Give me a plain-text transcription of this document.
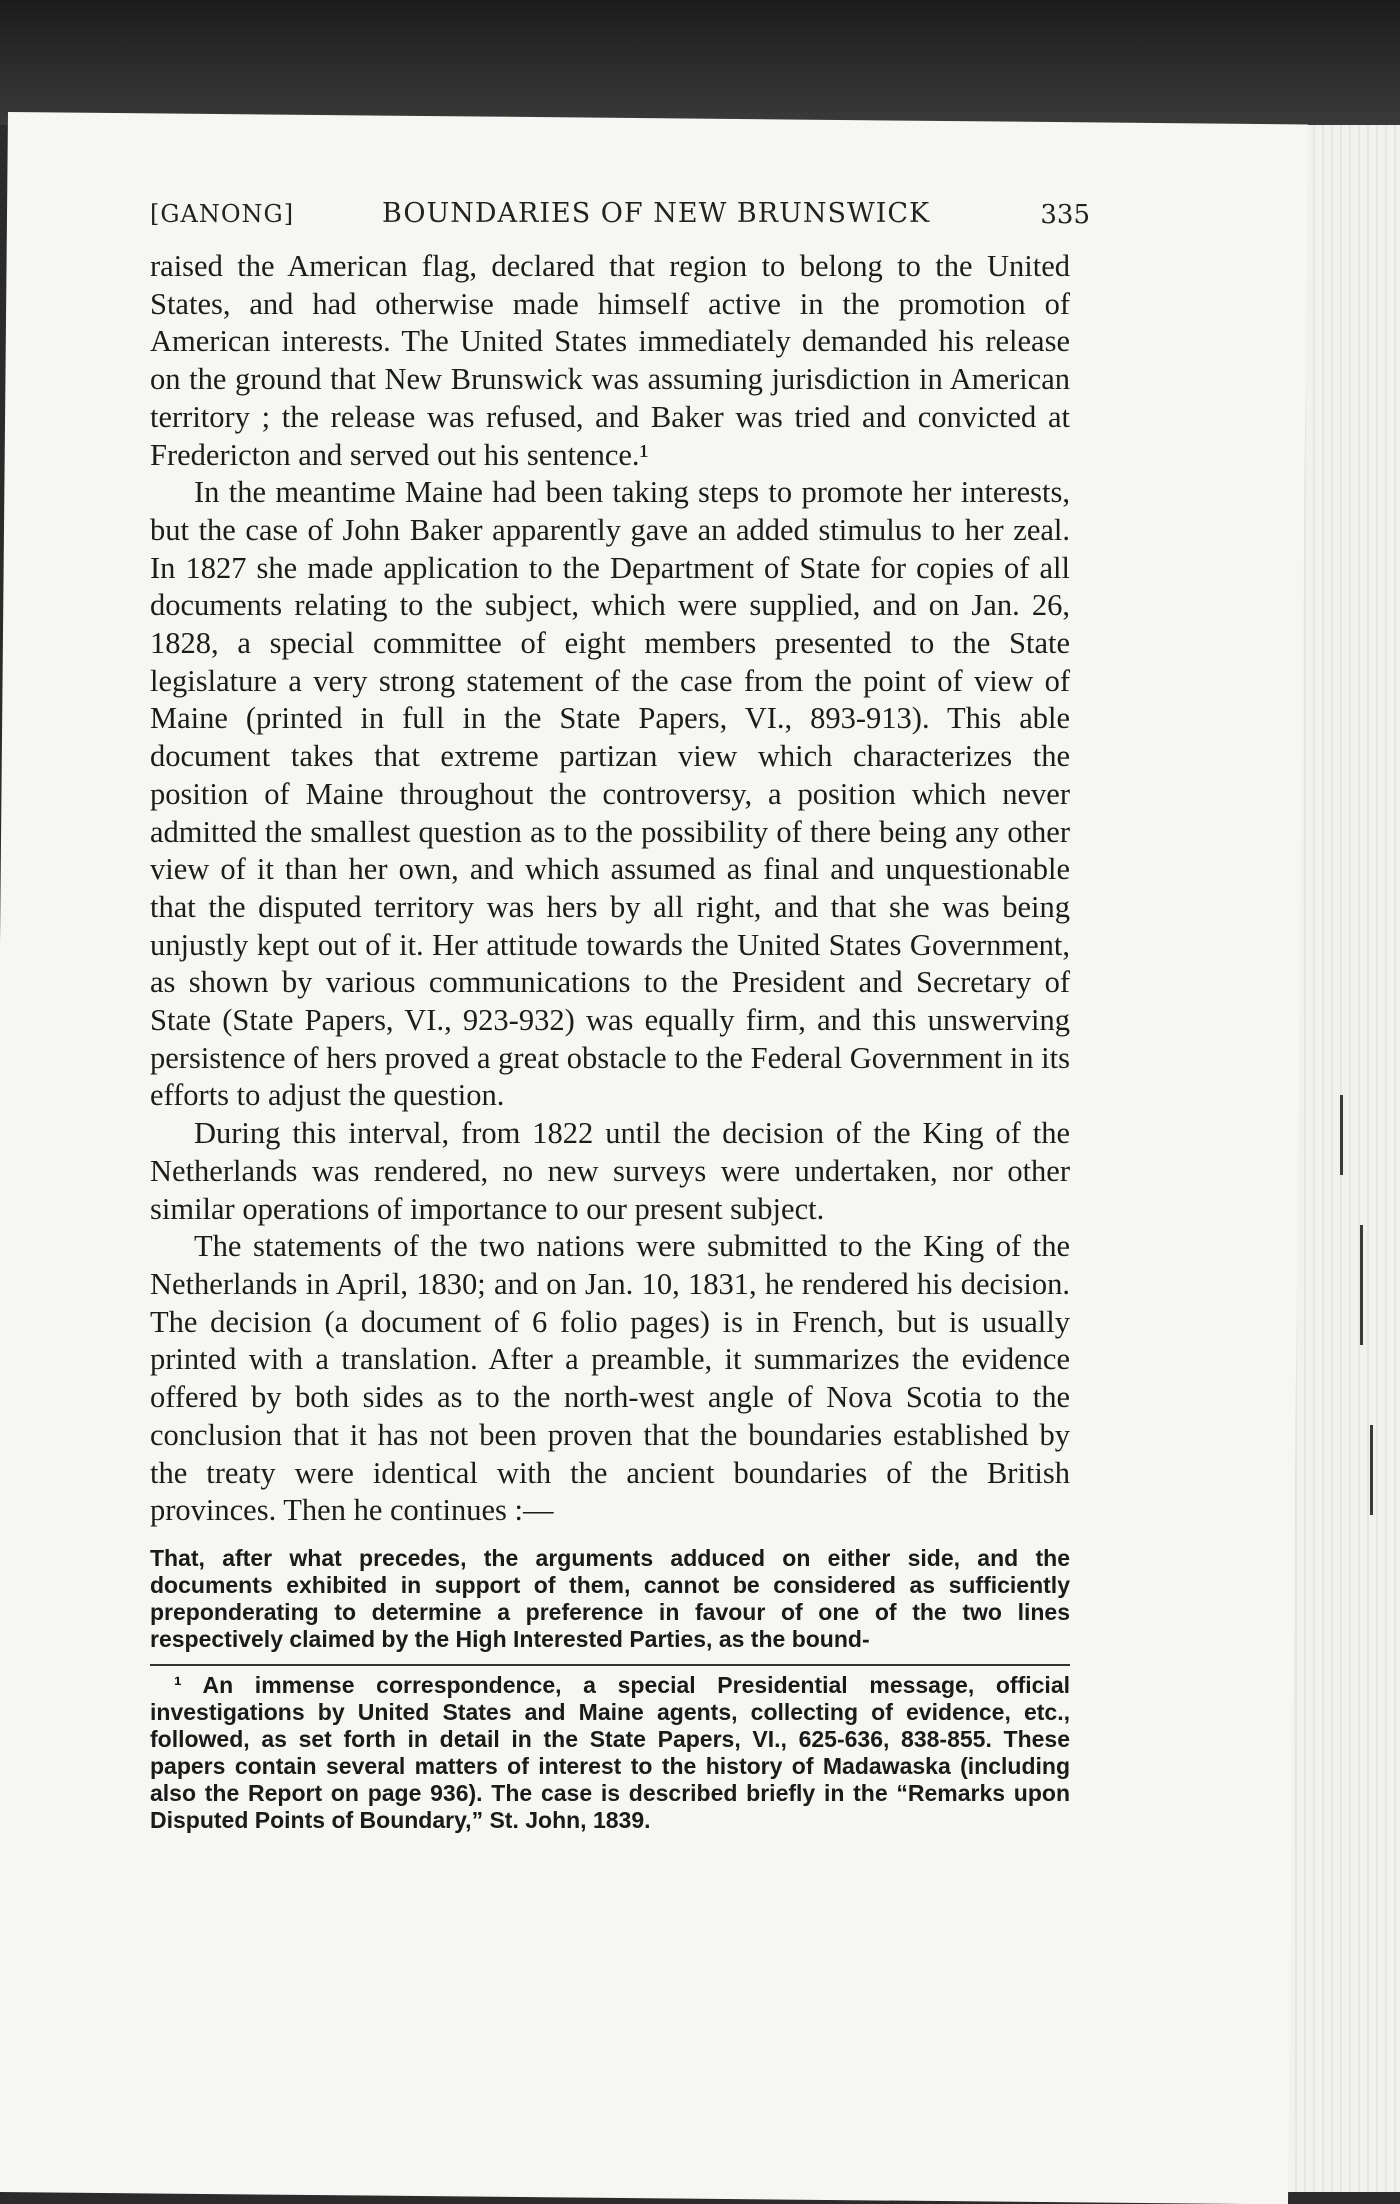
[GANONG]	BOUNDARIES OF NEW BRUNSWICK	335

raised the American flag, declared that region to belong to the United States, and had otherwise made himself active in the promotion of American interests. The United States immediately demanded his release on the ground that New Brunswick was assuming jurisdiction in American territory ; the release was refused, and Baker was tried and convicted at Fredericton and served out his sentence.¹

In the meantime Maine had been taking steps to promote her interests, but the case of John Baker apparently gave an added stimulus to her zeal. In 1827 she made application to the Department of State for copies of all documents relating to the subject, which were supplied, and on Jan. 26, 1828, a special committee of eight members presented to the State legislature a very strong statement of the case from the point of view of Maine (printed in full in the State Papers, VI., 893-913). This able document takes that extreme partizan view which characterizes the position of Maine throughout the controversy, a position which never admitted the smallest question as to the possibility of there being any other view of it than her own, and which assumed as final and unquestionable that the disputed territory was hers by all right, and that she was being unjustly kept out of it. Her attitude towards the United States Government, as shown by various communications to the President and Secretary of State (State Papers, VI., 923-932) was equally firm, and this unswerving persistence of hers proved a great obstacle to the Federal Government in its efforts to adjust the question.

During this interval, from 1822 until the decision of the King of the Netherlands was rendered, no new surveys were undertaken, nor other similar operations of importance to our present subject.

The statements of the two nations were submitted to the King of the Netherlands in April, 1830; and on Jan. 10, 1831, he rendered his decision. The decision (a document of 6 folio pages) is in French, but is usually printed with a translation. After a preamble, it summarizes the evidence offered by both sides as to the north-west angle of Nova Scotia to the conclusion that it has not been proven that the boundaries established by the treaty were identical with the ancient boundaries of the British provinces. Then he continues :—

That, after what precedes, the arguments adduced on either side, and the documents exhibited in support of them, cannot be considered as sufficiently preponderating to determine a preference in favour of one of the two lines respectively claimed by the High Interested Parties, as the bound-
¹ An immense correspondence, a special Presidential message, official investigations by United States and Maine agents, collecting of evidence, etc., followed, as set forth in detail in the State Papers, VI., 625-636, 838-855. These papers contain several matters of interest to the history of Madawaska (including also the Report on page 936). The case is described briefly in the “Remarks upon Disputed Points of Boundary,” St. John, 1839.
